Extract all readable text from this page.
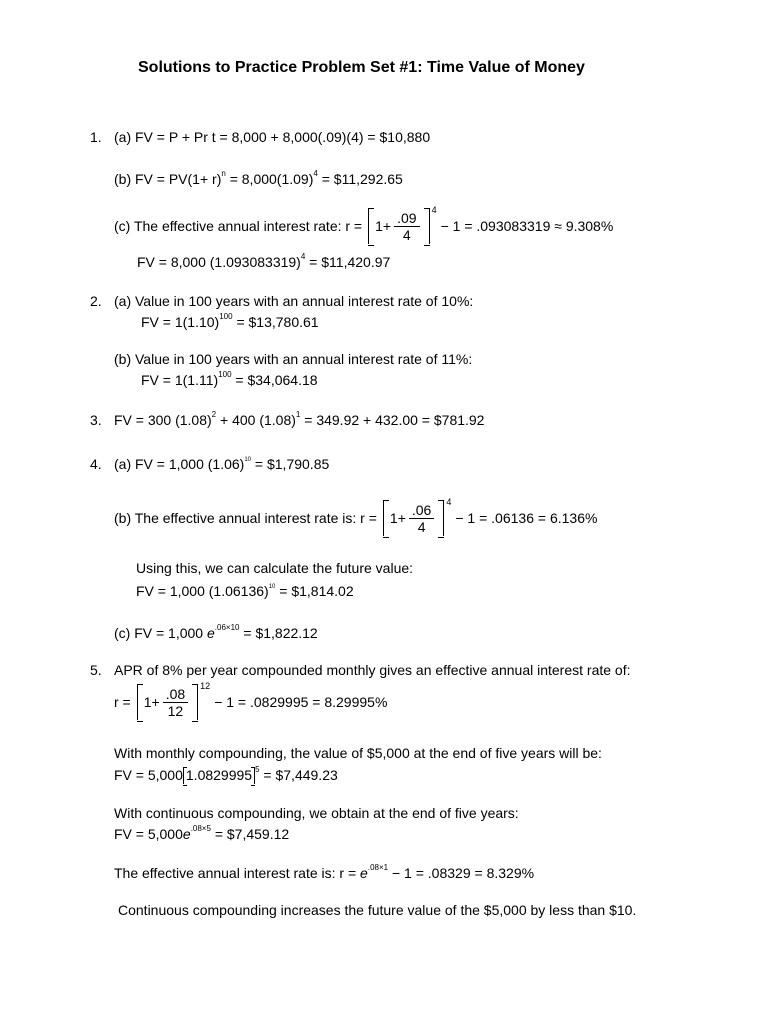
Solutions to Practice Problem Set #1: Time Value of Money
1. (a) FV = P + Pr t = 8,000 + 8,000(.09)(4) = $10,880
(b) FV = $PV(1+ r)^n = 8,000(1.09)^4$ = $11,292.65
(c) The effective annual interest rate: $r = 1+ \frac{.09}{4} 4$
− 1 = .093083319 ≈ 9.308%
FV = 8,000 $(1.093083319)^4$ = $11,420.97
2. (a) Value in 100 years with an annual interest rate of 10%:
FV = $1(1.10)^{100}$ = $13,780.61
(b) Value in 100 years with an annual interest rate of 11%:
FV = $1(1.11)^{100}$ = $34,064.18
3. FV = 300 $(1.08)^2 + 400$ $(1.08)^1 = 349.92 + 432.00$ = $781.92
4. (a) FV = 1,000 $(1.06)^{10}$ = $1,790.85
(b) The effective annual interest rate is: $r = 1+ \frac{.06}{4} 4$
− 1 = .06136 = 6.136%
Using this, we can calculate the future value:
FV = 1,000 $(1.06136)^{10}$ = $1,814.02
(c) FV = 1,000 $e^{.06\times 10}$ = $1,822.12
5. APR of 8% per year compounded monthly gives an effective annual interest rate of:
$r = 1+ \frac{.08}{12} 12$
− 1 = .0829995 = 8.29995%
With monthly compounding, the value of $5,000 at the end of five years will be:
FV = 5,000 1.0829995 $^5$ = $7,449.23
With continuous compounding, we obtain at the end of five years:
FV = $5,000e^{.08\times 5}$ = $7,459.12
The effective annual interest rate is: $r = e^{.08\times 1} - 1 = .08329 = 8.329\%$
Continuous compounding increases the future value of the $5,000 by less than $10.
